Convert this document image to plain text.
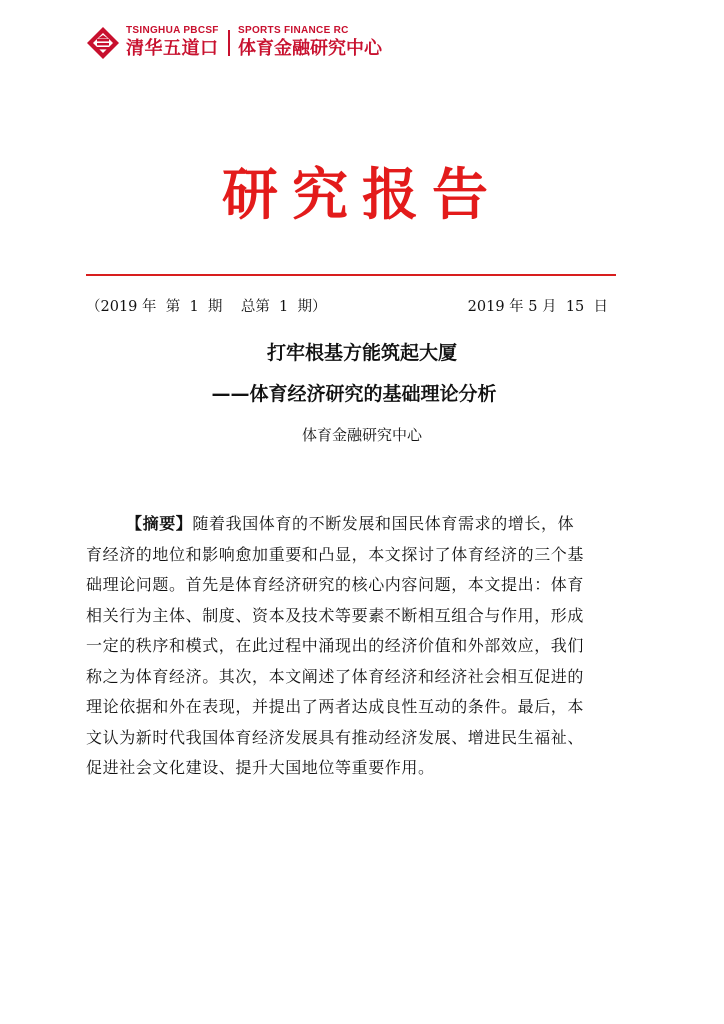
TSINGHUA PBCSF
清华五道口
SPORTS FINANCE RC
体育金融研究中心
研究报告
（2019 年  第  1  期    总第  1  期）	2019 年 5 月  15  日
打牢根基方能筑起大厦
——体育经济研究的基础理论分析
体育金融研究中心
【摘要】随着我国体育的不断发展和国民体育需求的增长，体
育经济的地位和影响愈加重要和凸显，本文探讨了体育经济的三个基
础理论问题。首先是体育经济研究的核心内容问题，本文提出：体育
相关行为主体、制度、资本及技术等要素不断相互组合与作用，形成
一定的秩序和模式，在此过程中涌现出的经济价值和外部效应，我们
称之为体育经济。其次，本文阐述了体育经济和经济社会相互促进的
理论依据和外在表现，并提出了两者达成良性互动的条件。最后，本
文认为新时代我国体育经济发展具有推动经济发展、增进民生福祉、
促进社会文化建设、提升大国地位等重要作用。
